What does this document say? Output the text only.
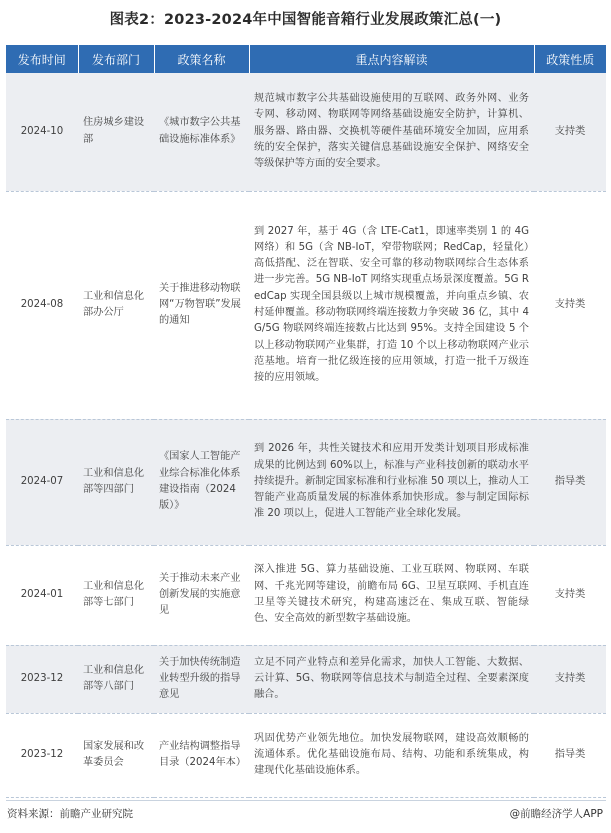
图表2：2023-2024年中国智能音箱行业发展政策汇总(一)
发布时间	发布部门	政策名称	重点内容解读	政策性质
2024-10	住房城乡建设部	《城市数字公共基础设施标准体系》	规范城市数字公共基础设施使用的互联网、政务外网、业务专网、移动网、物联网等网络基础设施安全防护，计算机、服务器、路由器、交换机等硬件基础环境安全加固，应用系统的安全保护，落实关键信息基础设施安全保护、网络安全等级保护等方面的安全要求。	支持类
2024-08	工业和信息化部办公厅	关于推进移动物联网“万物智联”发展的通知	到 2027 年，基于 4G（含 LTE-Cat1，即速率类别 1 的 4G 网络）和 5G（含 NB-IoT，窄带物联网；RedCap，轻量化）高低搭配、泛在智联、安全可靠的移动物联网综合生态体系进一步完善。5G NB-IoT 网络实现重点场景深度覆盖。5G RedCap 实现全国县级以上城市规模覆盖，并向重点乡镇、农村延伸覆盖。移动物联网终端连接数力争突破 36 亿，其中 4G/5G 物联网终端连接数占比达到 95%。支持全国建设 5 个以上移动物联网产业集群，打造 10 个以上移动物联网产业示范基地。培育一批亿级连接的应用领域，打造一批千万级连接的应用领域。	支持类
2024-07	工业和信息化部等四部门	《国家人工智能产业综合标准化体系建设指南（2024版）》	到 2026 年，共性关键技术和应用开发类计划项目形成标准成果的比例达到 60%以上，标准与产业科技创新的联动水平持续提升。新制定国家标准和行业标准 50 项以上，推动人工智能产业高质量发展的标准体系加快形成。参与制定国际标准 20 项以上，促进人工智能产业全球化发展。	指导类
2024-01	工业和信息化部等七部门	关于推动未来产业创新发展的实施意见	深入推进 5G、算力基础设施、工业互联网、物联网、车联网、千兆光网等建设，前瞻布局 6G、卫星互联网、手机直连卫星等关键技术研究，构建高速泛在、集成互联、智能绿色、安全高效的新型数字基础设施。	支持类
2023-12	工业和信息化部等八部门	关于加快传统制造业转型升级的指导意见	立足不同产业特点和差异化需求，加快人工智能、大数据、云计算、5G、物联网等信息技术与制造全过程、全要素深度融合。	支持类
2023-12	国家发展和改革委员会	产业结构调整指导目录（2024年本）	巩固优势产业领先地位。加快发展物联网，建设高效顺畅的流通体系。优化基础设施布局、结构、功能和系统集成，构建现代化基础设施体系。	指导类
资料来源：前瞻产业研究院	@前瞻经济学人APP
